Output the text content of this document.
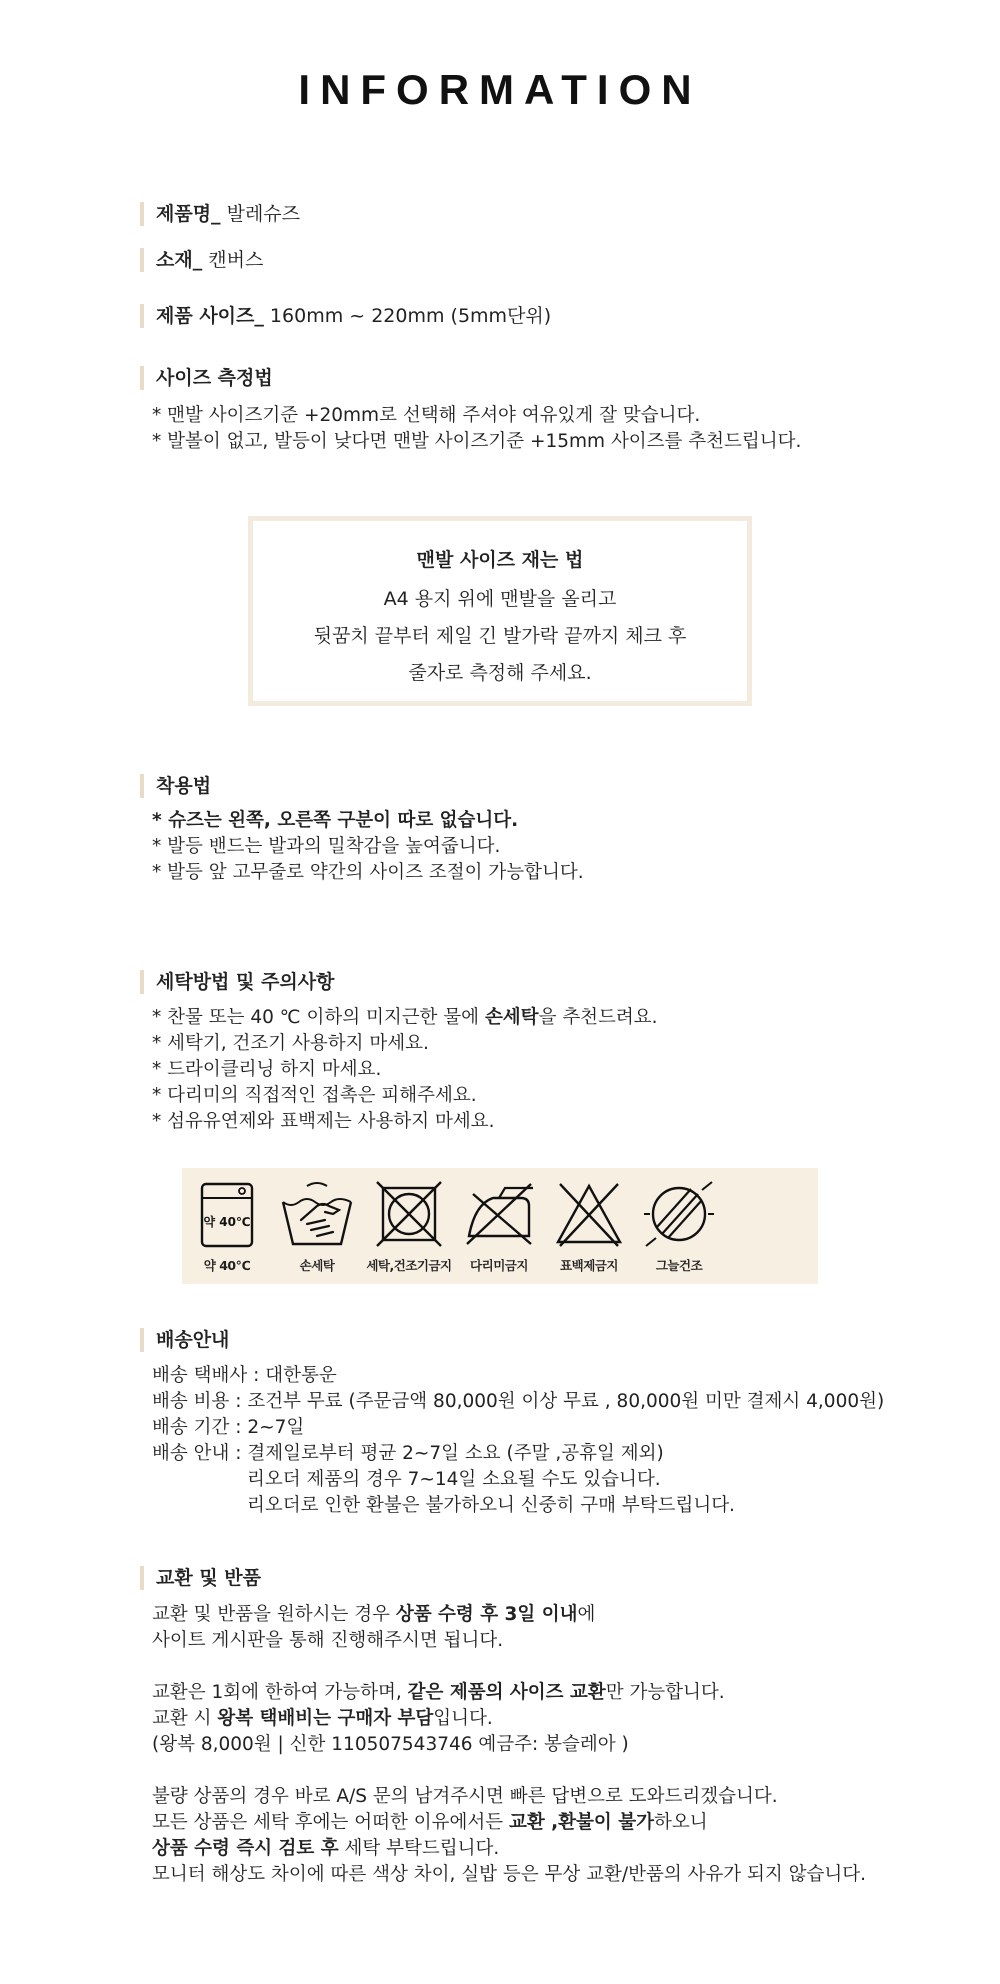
INFORMATION
제품명_ 발레슈즈
소재_ 캔버스
제품 사이즈_ 160mm ~ 220mm (5mm단위)
사이즈 측정법
* 맨발 사이즈기준 +20mm로 선택해 주셔야 여유있게 잘 맞습니다.
* 발볼이 없고, 발등이 낮다면 맨발 사이즈기준 +15mm 사이즈를 추천드립니다.
맨발 사이즈 재는 법
A4 용지 위에 맨발을 올리고
뒷꿈치 끝부터 제일 긴 발가락 끝까지 체크 후
줄자로 측정해 주세요.
착용법
* 슈즈는 왼쪽, 오른쪽 구분이 따로 없습니다.
* 발등 밴드는 발과의 밀착감을 높여줍니다.
* 발등 앞 고무줄로 약간의 사이즈 조절이 가능합니다.
세탁방법 및 주의사항
* 찬물 또는 40 ℃ 이하의 미지근한 물에 손세탁을 추천드려요.
* 세탁기, 건조기 사용하지 마세요.
* 드라이클리닝 하지 마세요.
* 다리미의 직접적인 접촉은 피해주세요.
* 섬유유연제와 표백제는 사용하지 마세요.
약 40℃
약 40℃	손세탁	세탁,건조기금지	다리미금지	표백제금지	그늘건조
배송안내
배송 택배사 : 대한통운
배송 비용 : 조건부 무료 (주문금액 80,000원 이상 무료 , 80,000원 미만 결제시 4,000원)
배송 기간 : 2~7일
배송 안내 : 결제일로부터 평균 2~7일 소요 (주말 ,공휴일 제외)
리오더 제품의 경우 7~14일 소요될 수도 있습니다.
리오더로 인한 환불은 불가하오니 신중히 구매 부탁드립니다.
교환 및 반품
교환 및 반품을 원하시는 경우 상품 수령 후 3일 이내에
사이트 게시판을 통해 진행해주시면 됩니다.
교환은 1회에 한하여 가능하며, 같은 제품의 사이즈 교환만 가능합니다.
교환 시 왕복 택배비는 구매자 부담입니다.
(왕복 8,000원 | 신한 110507543746 예금주: 봉슬레아 )
불량 상품의 경우 바로 A/S 문의 남겨주시면 빠른 답변으로 도와드리겠습니다.
모든 상품은 세탁 후에는 어떠한 이유에서든 교환 ,환불이 불가하오니
상품 수령 즉시 검토 후 세탁 부탁드립니다.
모니터 해상도 차이에 따른 색상 차이, 실밥 등은 무상 교환/반품의 사유가 되지 않습니다.
